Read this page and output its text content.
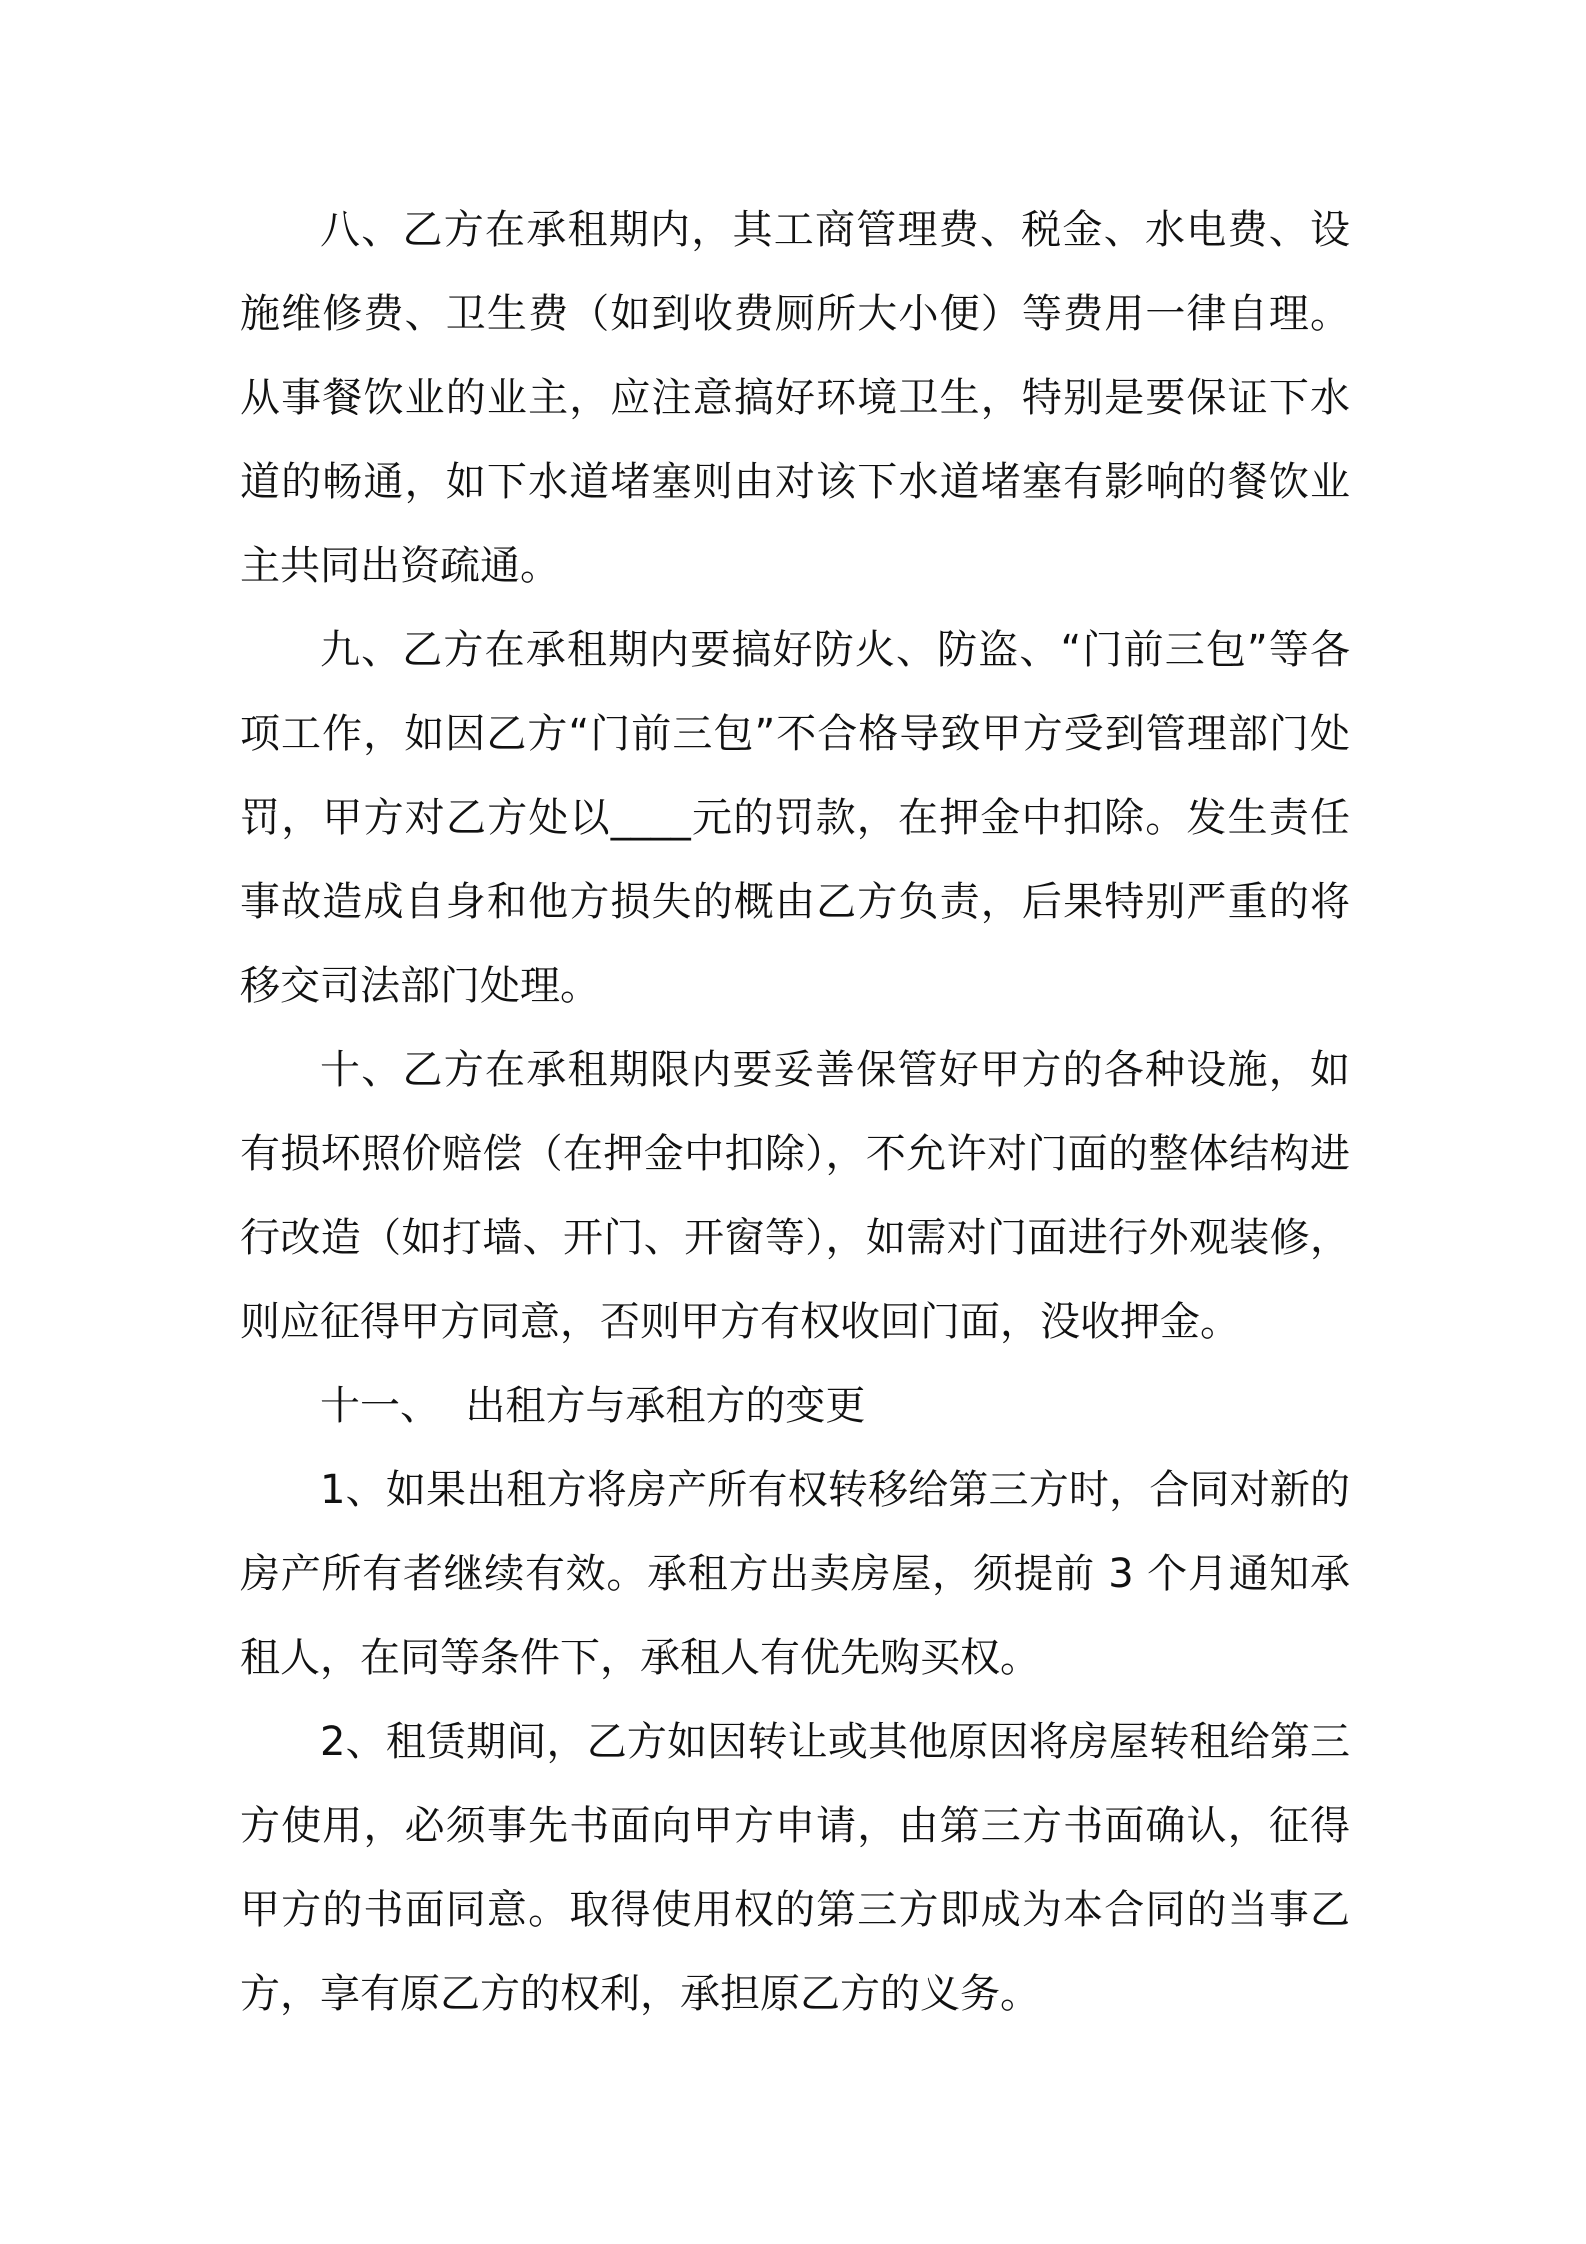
八、乙方在承租期内，其工商管理费、税金、水电费、设施维修费、卫生费（如到收费厕所大小便）等费用一律自理。从事餐饮业的业主，应注意搞好环境卫生，特别是要保证下水道的畅通，如下水道堵塞则由对该下水道堵塞有影响的餐饮业主共同出资疏通。

九、乙方在承租期内要搞好防火、防盗、“门前三包”等各项工作，如因乙方“门前三包”不合格导致甲方受到管理部门处罚，甲方对乙方处以____元的罚款，在押金中扣除。发生责任事故造成自身和他方损失的概由乙方负责，后果特别严重的将移交司法部门处理。

十、乙方在承租期限内要妥善保管好甲方的各种设施，如有损坏照价赔偿（在押金中扣除），不允许对门面的整体结构进行改造（如打墙、开门、开窗等），如需对门面进行外观装修，则应征得甲方同意，否则甲方有权收回门面，没收押金。

十一、  出租方与承租方的变更

1、如果出租方将房产所有权转移给第三方时，合同对新的房产所有者继续有效。承租方出卖房屋，须提前 3 个月通知承租人，在同等条件下，承租人有优先购买权。

2、租赁期间，乙方如因转让或其他原因将房屋转租给第三方使用，必须事先书面向甲方申请，由第三方书面确认，征得甲方的书面同意。取得使用权的第三方即成为本合同的当事乙方，享有原乙方的权利，承担原乙方的义务。
